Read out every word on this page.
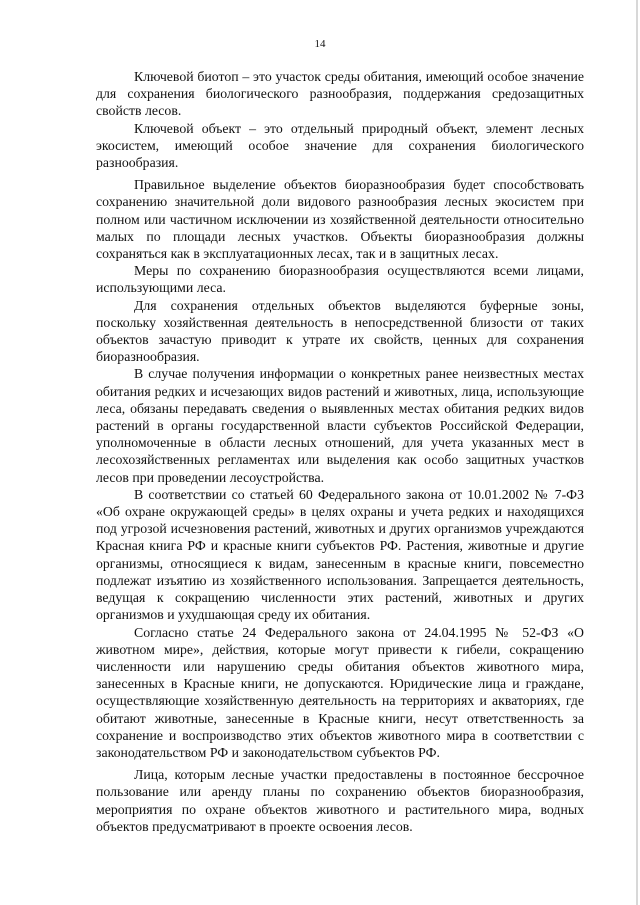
14

Ключевой биотоп – это участок среды обитания, имеющий особое значение для сохранения биологического разнообразия, поддержания средозащитных свойств лесов.

Ключевой объект – это отдельный природный объект, элемент лесных экосистем, имеющий особое значение для сохранения биологического разнообразия.

Правильное выделение объектов биоразнообразия будет способствовать сохранению значительной доли видового разнообразия лесных экосистем при полном или частичном исключении из хозяйственной деятельности относительно малых по площади лесных участков. Объекты биоразнообразия должны сохраняться как в эксплуатационных лесах, так и в защитных лесах.

Меры по сохранению биоразнообразия осуществляются всеми лицами, использующими леса.

Для сохранения отдельных объектов выделяются буферные зоны, поскольку хозяйственная деятельность в непосредственной близости от таких объектов зачастую приводит к утрате их свойств, ценных для сохранения биоразнообразия.

В случае получения информации о конкретных ранее неизвестных местах обитания редких и исчезающих видов растений и животных, лица, использующие леса, обязаны передавать сведения о выявленных местах обитания редких видов растений в органы государственной власти субъектов Российской Федерации, уполномоченные в области лесных отношений, для учета указанных мест в лесохозяйственных регламентах или выделения как особо защитных участков лесов при проведении лесоустройства.

В соответствии со статьей 60 Федерального закона от 10.01.2002 № 7-ФЗ «Об охране окружающей среды» в целях охраны и учета редких и находящихся под угрозой исчезновения растений, животных и других организмов учреждаются Красная книга РФ и красные книги субъектов РФ. Растения, животные и другие организмы, относящиеся к видам, занесенным в красные книги, повсеместно подлежат изъятию из хозяйственного использования. Запрещается деятельность, ведущая к сокращению численности этих растений, животных и других организмов и ухудшающая среду их обитания.

Согласно статье 24 Федерального закона от 24.04.1995 № 52-ФЗ «О животном мире», действия, которые могут привести к гибели, сокращению численности или нарушению среды обитания объектов животного мира, занесенных в Красные книги, не допускаются. Юридические лица и граждане, осуществляющие хозяйственную деятельность на территориях и акваториях, где обитают животные, занесенные в Красные книги, несут ответственность за сохранение и воспроизводство этих объектов животного мира в соответствии с законодательством РФ и законодательством субъектов РФ.

Лица, которым лесные участки предоставлены в постоянное бессрочное пользование или аренду планы по сохранению объектов биоразнообразия, мероприятия по охране объектов животного и растительного мира, водных объектов предусматривают в проекте освоения лесов.
